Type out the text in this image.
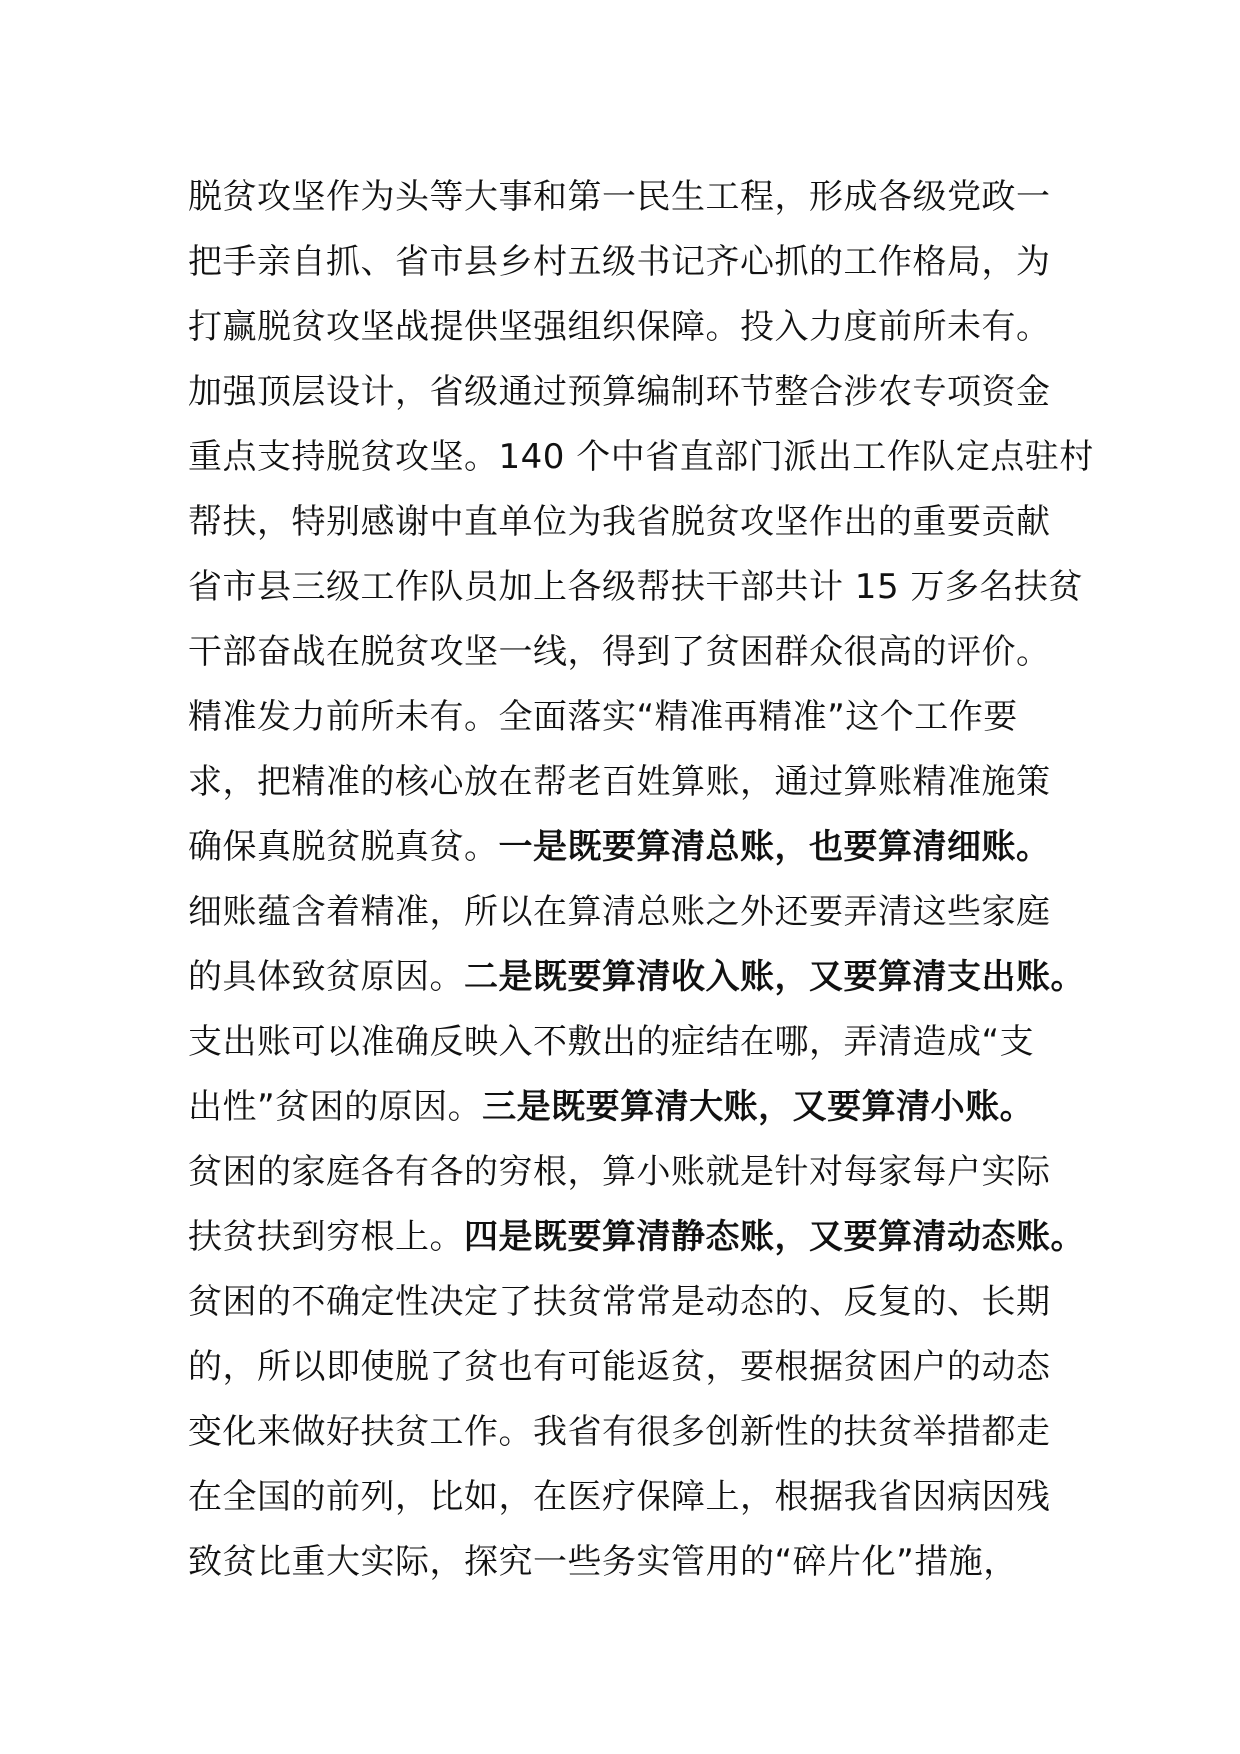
脱贫攻坚作为头等大事和第一民生工程，形成各级党政一
把手亲自抓、省市县乡村五级书记齐心抓的工作格局，为
打赢脱贫攻坚战提供坚强组织保障。投入力度前所未有。
加强顶层设计，省级通过预算编制环节整合涉农专项资金
重点支持脱贫攻坚。140 个中省直部门派出工作队定点驻村
帮扶，特别感谢中直单位为我省脱贫攻坚作出的重要贡献
省市县三级工作队员加上各级帮扶干部共计 15 万多名扶贫
干部奋战在脱贫攻坚一线，得到了贫困群众很高的评价。
精准发力前所未有。全面落实“精准再精准”这个工作要
求，把精准的核心放在帮老百姓算账，通过算账精准施策
确保真脱贫脱真贫。一是既要算清总账，也要算清细账。
细账蕴含着精准，所以在算清总账之外还要弄清这些家庭
的具体致贫原因。二是既要算清收入账，又要算清支出账。
支出账可以准确反映入不敷出的症结在哪，弄清造成“支
出性”贫困的原因。三是既要算清大账，又要算清小账。
贫困的家庭各有各的穷根，算小账就是针对每家每户实际
扶贫扶到穷根上。四是既要算清静态账，又要算清动态账。
贫困的不确定性决定了扶贫常常是动态的、反复的、长期
的，所以即使脱了贫也有可能返贫，要根据贫困户的动态
变化来做好扶贫工作。我省有很多创新性的扶贫举措都走
在全国的前列，比如，在医疗保障上，根据我省因病因残
致贫比重大实际，探究一些务实管用的“碎片化”措施，
